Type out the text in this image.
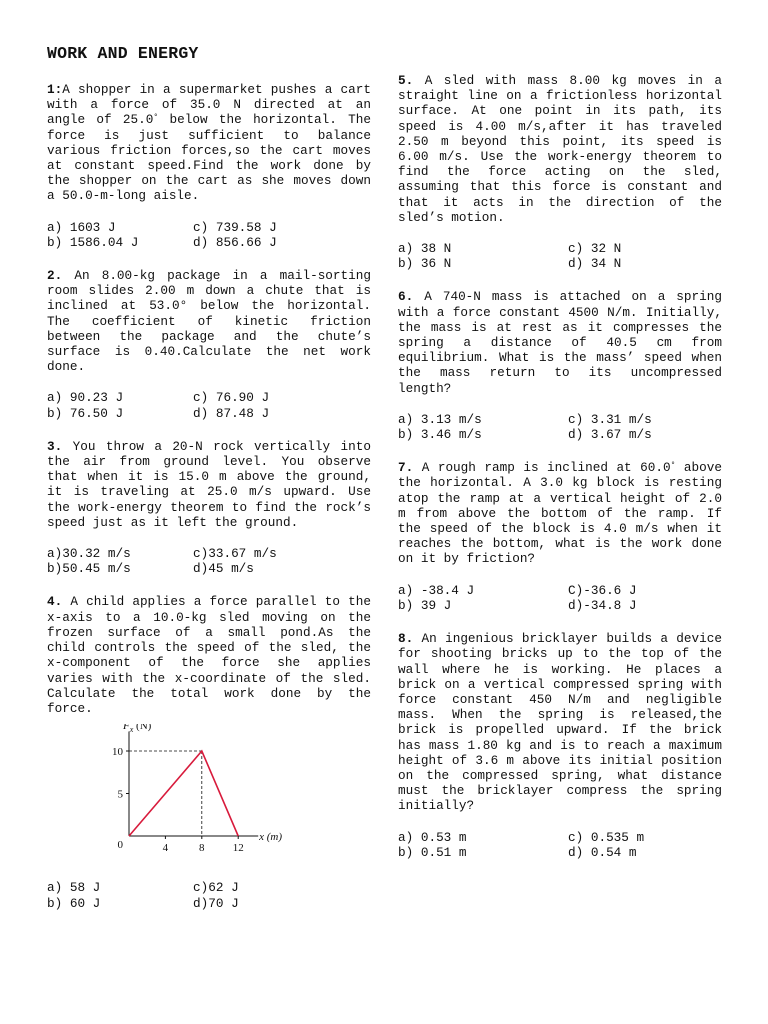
WORK AND ENERGY

1:A shopper in a supermarket pushes a cart with a force of 35.0 N directed at an angle of 25.0° below the horizontal. The force is just sufficient to balance various friction forces,so the cart moves at constant speed.Find the work done by the shopper on the cart as she moves down a 50.0-m-long aisle.

a) 1603 J	c) 739.58 J
b) 1586.04 J	d) 856.66 J

2. An 8.00-kg package in a mail-sorting room slides 2.00 m down a chute that is inclined at 53.0° below the horizontal. The coefficient of kinetic friction between the package and the chute’s surface is 0.40.Calculate the net work done.

a) 90.23 J	c) 76.90 J
b) 76.50 J	d) 87.48 J

3. You throw a 20-N rock vertically into the air from ground level. You observe that when it is 15.0 m above the ground, it is traveling at 25.0 m/s upward. Use the work-energy theorem to find the rock’s speed just as it left the ground.

a)30.32 m/s	c)33.67 m/s
b)50.45 m/s	d)45 m/s

4. A child applies a force parallel to the x-axis to a 10.0-kg sled moving on the frozen surface of a small pond.As the child controls the speed of the sled, the x-component of the force she applies varies with the x-coordinate of the sled. Calculate the total work done by the force.

10
5
0	4	8	12
$F_x$ (N)
x (m)
a) 58 J	c)62 J
b) 60 J	d)70 J

5. A sled with mass 8.00 kg moves in a straight line on a frictionless horizontal surface. At one point in its path, its speed is 4.00 m/s,after it has traveled 2.50 m beyond this point, its speed is 6.00 m/s. Use the work-energy theorem to find the force acting on the sled, assuming that this force is constant and that it acts in the direction of the sled’s motion.

a) 38 N	c) 32 N
b) 36 N	d) 34 N

6. A 740-N mass is attached on a spring with a force constant 4500 N/m. Initially, the mass is at rest as it compresses the spring a distance of 40.5 cm from equilibrium. What is the mass’ speed when the mass return to its uncompressed length?

a) 3.13 m/s	c) 3.31 m/s
b) 3.46 m/s	d) 3.67 m/s

7. A rough ramp is inclined at 60.0° above the horizontal. A 3.0 kg block is resting atop the ramp at a vertical height of 2.0 m from above the bottom of the ramp. If the speed of the block is 4.0 m/s when it reaches the bottom, what is the work done on it by friction?

a) -38.4 J	C)-36.6 J
b) 39 J	d)-34.8 J

8. An ingenious bricklayer builds a device for shooting bricks up to the top of the wall where he is working. He places a brick on a vertical compressed spring with force constant 450 N/m and negligible mass. When the spring is released,the brick is propelled upward. If the brick has mass 1.80 kg and is to reach a maximum height of 3.6 m above its initial position on the compressed spring, what distance must the bricklayer compress the spring initially?

a) 0.53 m	c) 0.535 m
b) 0.51 m	d) 0.54 m
